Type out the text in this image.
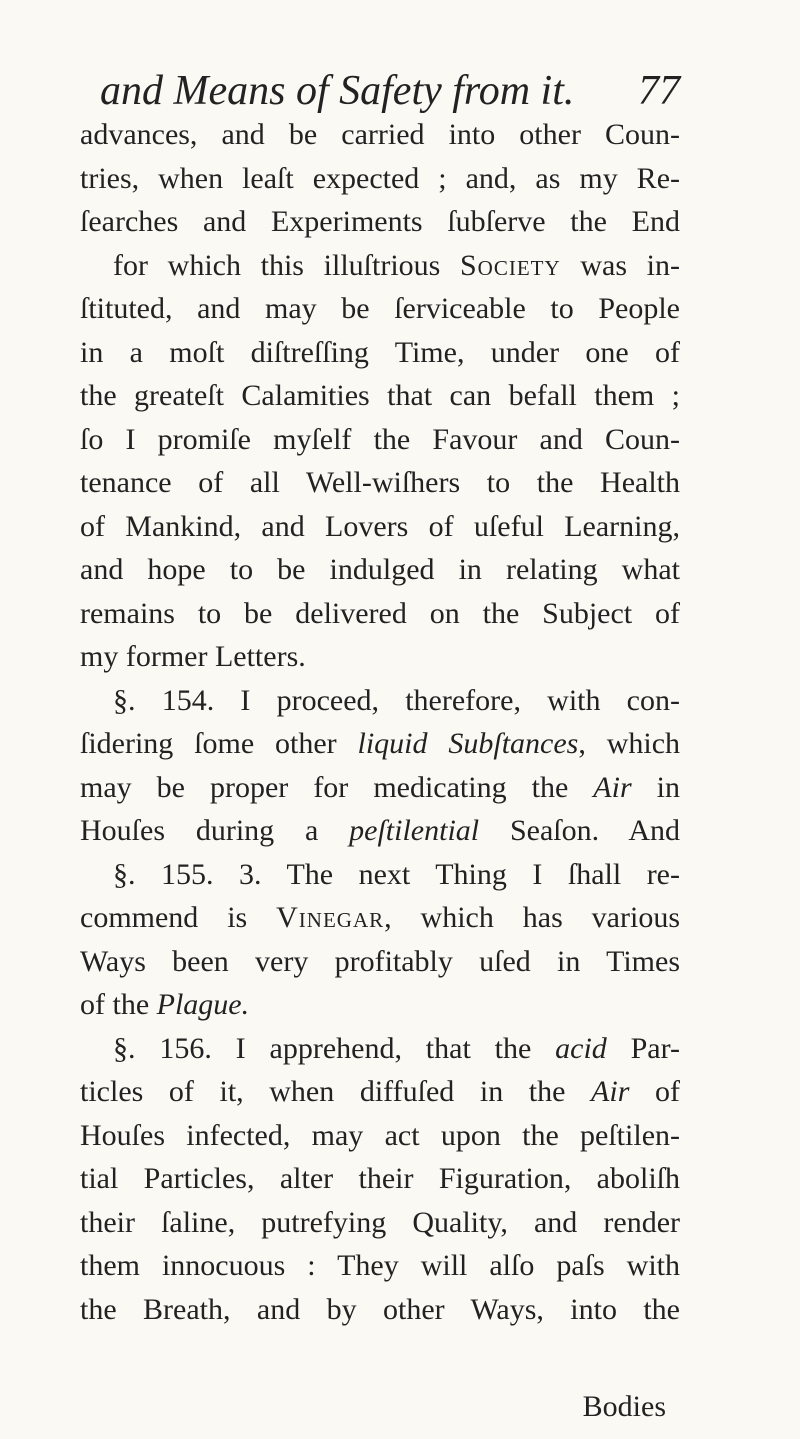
and Means of Safety from it. 77
advances, and be carried into other Coun-
tries, when leaſt expected ; and, as my Re-
ſearches and Experiments ſubſerve the End
for which this illuſtrious Society was in-
ſtituted, and may be ſerviceable to People
in a moſt diſtreſſing Time, under one of
the greateſt Calamities that can befall them ;
ſo I promiſe myſelf the Favour and Coun-
tenance of all Well-wiſhers to the Health
of Mankind, and Lovers of uſeful Learning,
and hope to be indulged in relating what
remains to be delivered on the Subject of
my former Letters.
§. 154. I proceed, therefore, with con-
ſidering ſome other liquid Subſtances, which
may be proper for medicating the Air in
Houſes during a peſtilential Seaſon. And
§. 155. 3. The next Thing I ſhall re-
commend is Vinegar, which has various
Ways been very profitably uſed in Times
of the Plague.
§. 156. I apprehend, that the acid Par-
ticles of it, when diffuſed in the Air of
Houſes infected, may act upon the peſtilen-
tial Particles, alter their Figuration, aboliſh
their ſaline, putrefying Quality, and render
them innocuous : They will alſo paſs with
the Breath, and by other Ways, into the
Bodies
